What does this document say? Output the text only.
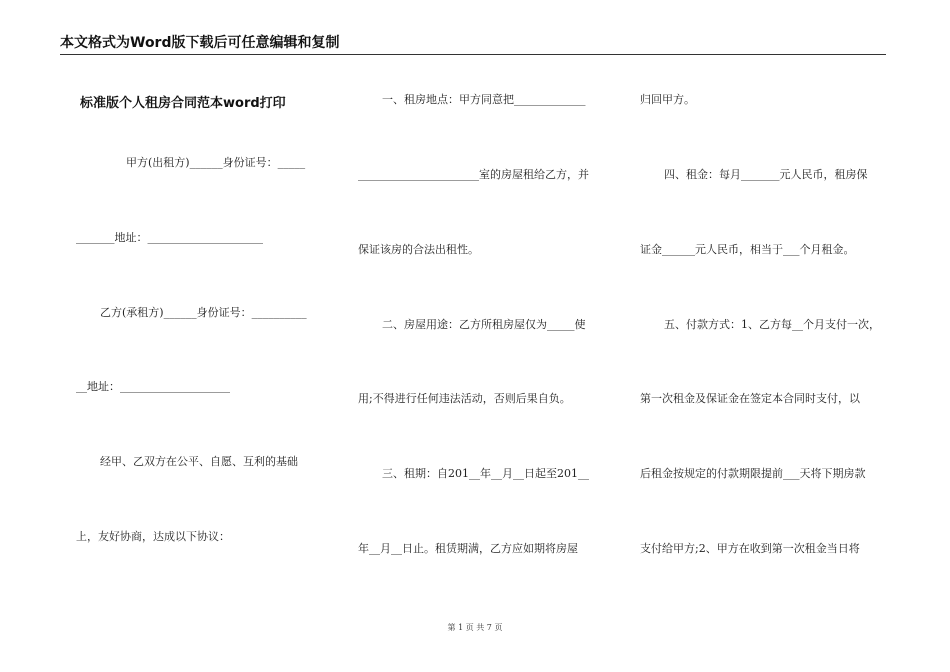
本文格式为Word版下载后可任意编辑和复制
标准版个人租房合同范本word打印
甲方(出租方)______身份证号：_____
_______地址：_____________________
乙方(承租方)______身份证号：__________
__地址：____________________
经甲、乙双方在公平、自愿、互利的基础
上，友好协商，达成以下协议：
一、租房地点：甲方同意把_____________
______________________室的房屋租给乙方，并
保证该房的合法出租性。
二、房屋用途：乙方所租房屋仅为_____使
用;不得进行任何违法活动，否则后果自负。
三、租期：自201__年__月__日起至201__
年__月__日止。租赁期满，乙方应如期将房屋
归回甲方。
四、租金：每月_______元人民币，租房保
证金______元人民币，相当于___个月租金。
五、付款方式：1、乙方每__个月支付一次，
第一次租金及保证金在签定本合同时支付，以
后租金按规定的付款期限提前___天将下期房款
支付给甲方;2、甲方在收到第一次租金当日将
第 1 页 共 7 页
